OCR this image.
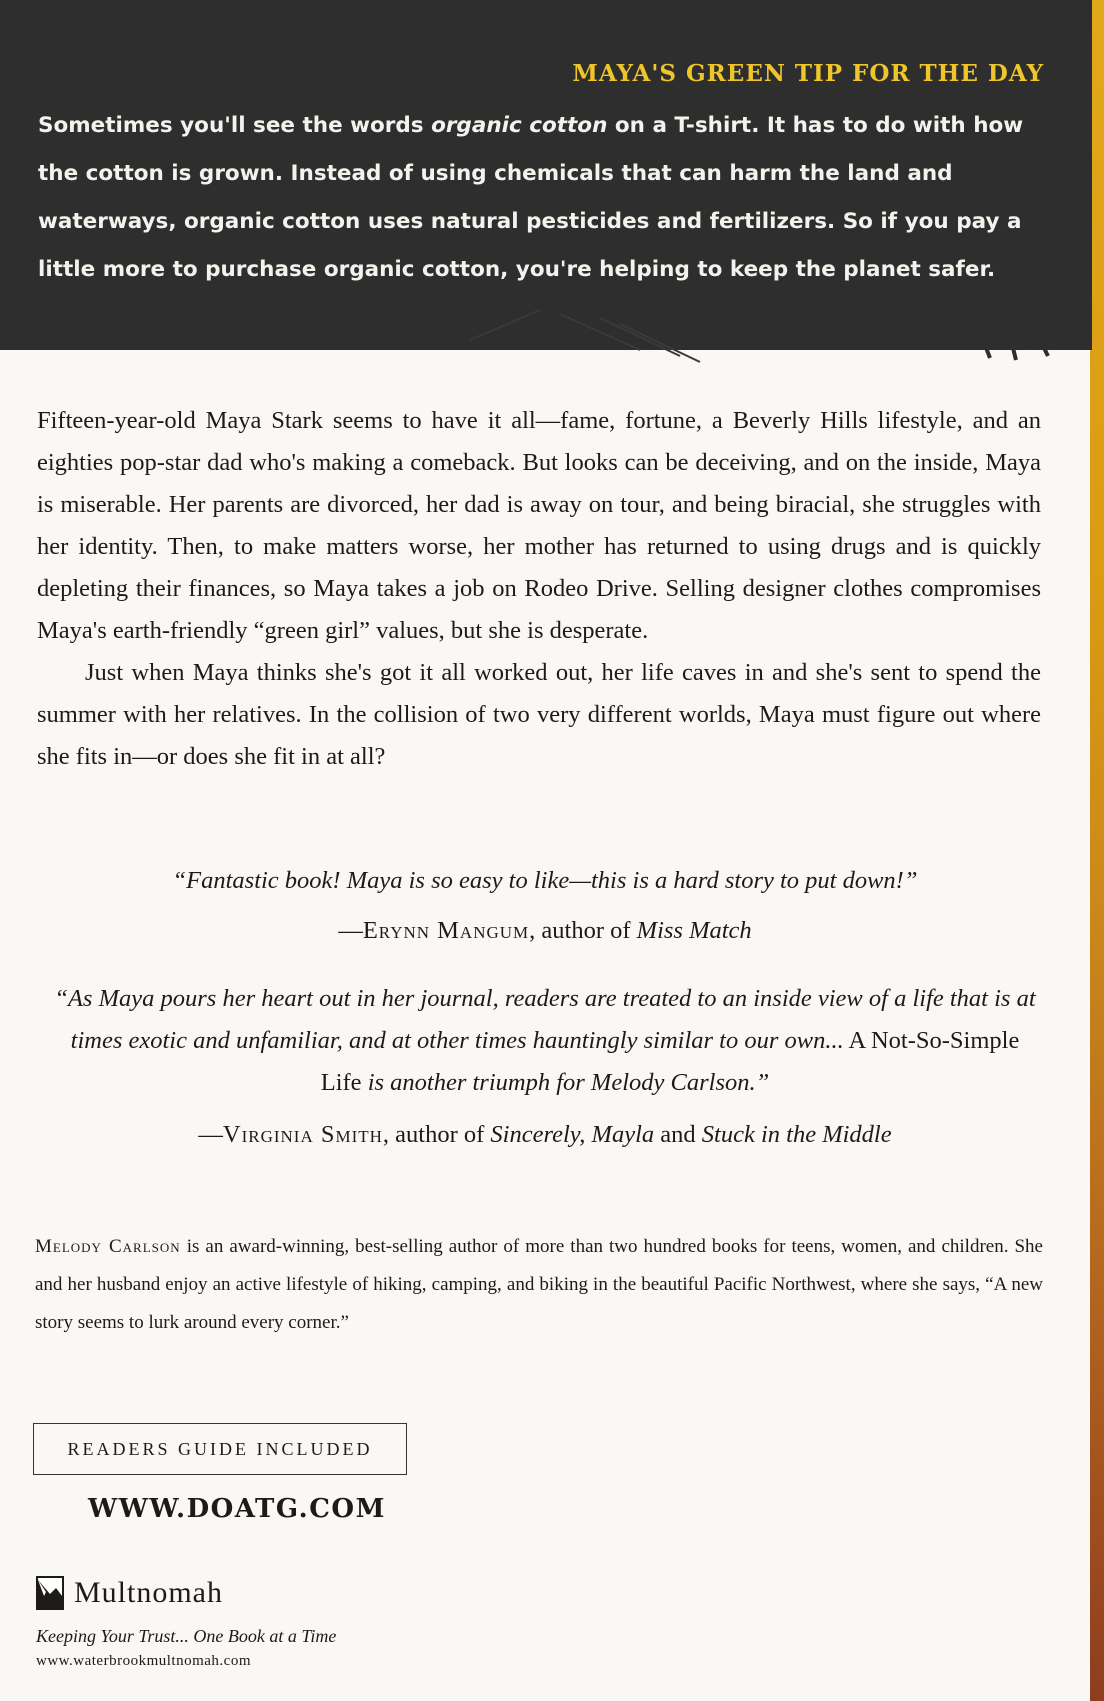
MAYA'S GREEN TIP FOR THE DAY
Sometimes you'll see the words organic cotton on a T-shirt. It has to do with how the cotton is grown. Instead of using chemicals that can harm the land and waterways, organic cotton uses natural pesticides and fertilizers. So if you pay a little more to purchase organic cotton, you're helping to keep the planet safer.

Fifteen-year-old Maya Stark seems to have it all—fame, fortune, a Beverly Hills lifestyle, and an eighties pop-star dad who's making a comeback. But looks can be deceiving, and on the inside, Maya is miserable. Her parents are divorced, her dad is away on tour, and being biracial, she struggles with her identity. Then, to make matters worse, her mother has returned to using drugs and is quickly depleting their finances, so Maya takes a job on Rodeo Drive. Selling designer clothes compromises Maya's earth-friendly “green girl” values, but she is desperate.

Just when Maya thinks she's got it all worked out, her life caves in and she's sent to spend the summer with her relatives. In the collision of two very different worlds, Maya must figure out where she fits in—or does she fit in at all?

“Fantastic book! Maya is so easy to like—this is a hard story to put down!”
—Erynn Mangum, author of Miss Match
“As Maya pours her heart out in her journal, readers are treated to an inside view of a life that is at times exotic and unfamiliar, and at other times hauntingly similar to our own... A Not-So-Simple Life is another triumph for Melody Carlson.”
—Virginia Smith, author of Sincerely, Mayla and Stuck in the Middle
Melody Carlson is an award-winning, best-selling author of more than two hundred books for teens, women, and children. She and her husband enjoy an active lifestyle of hiking, camping, and biking in the beautiful Pacific Northwest, where she says, “A new story seems to lurk around every corner.”
READERS GUIDE INCLUDED
WWW.DOATG.COM
Multnomah
Keeping Your Trust... One Book at a Time
www.waterbrookmultnomah.com
